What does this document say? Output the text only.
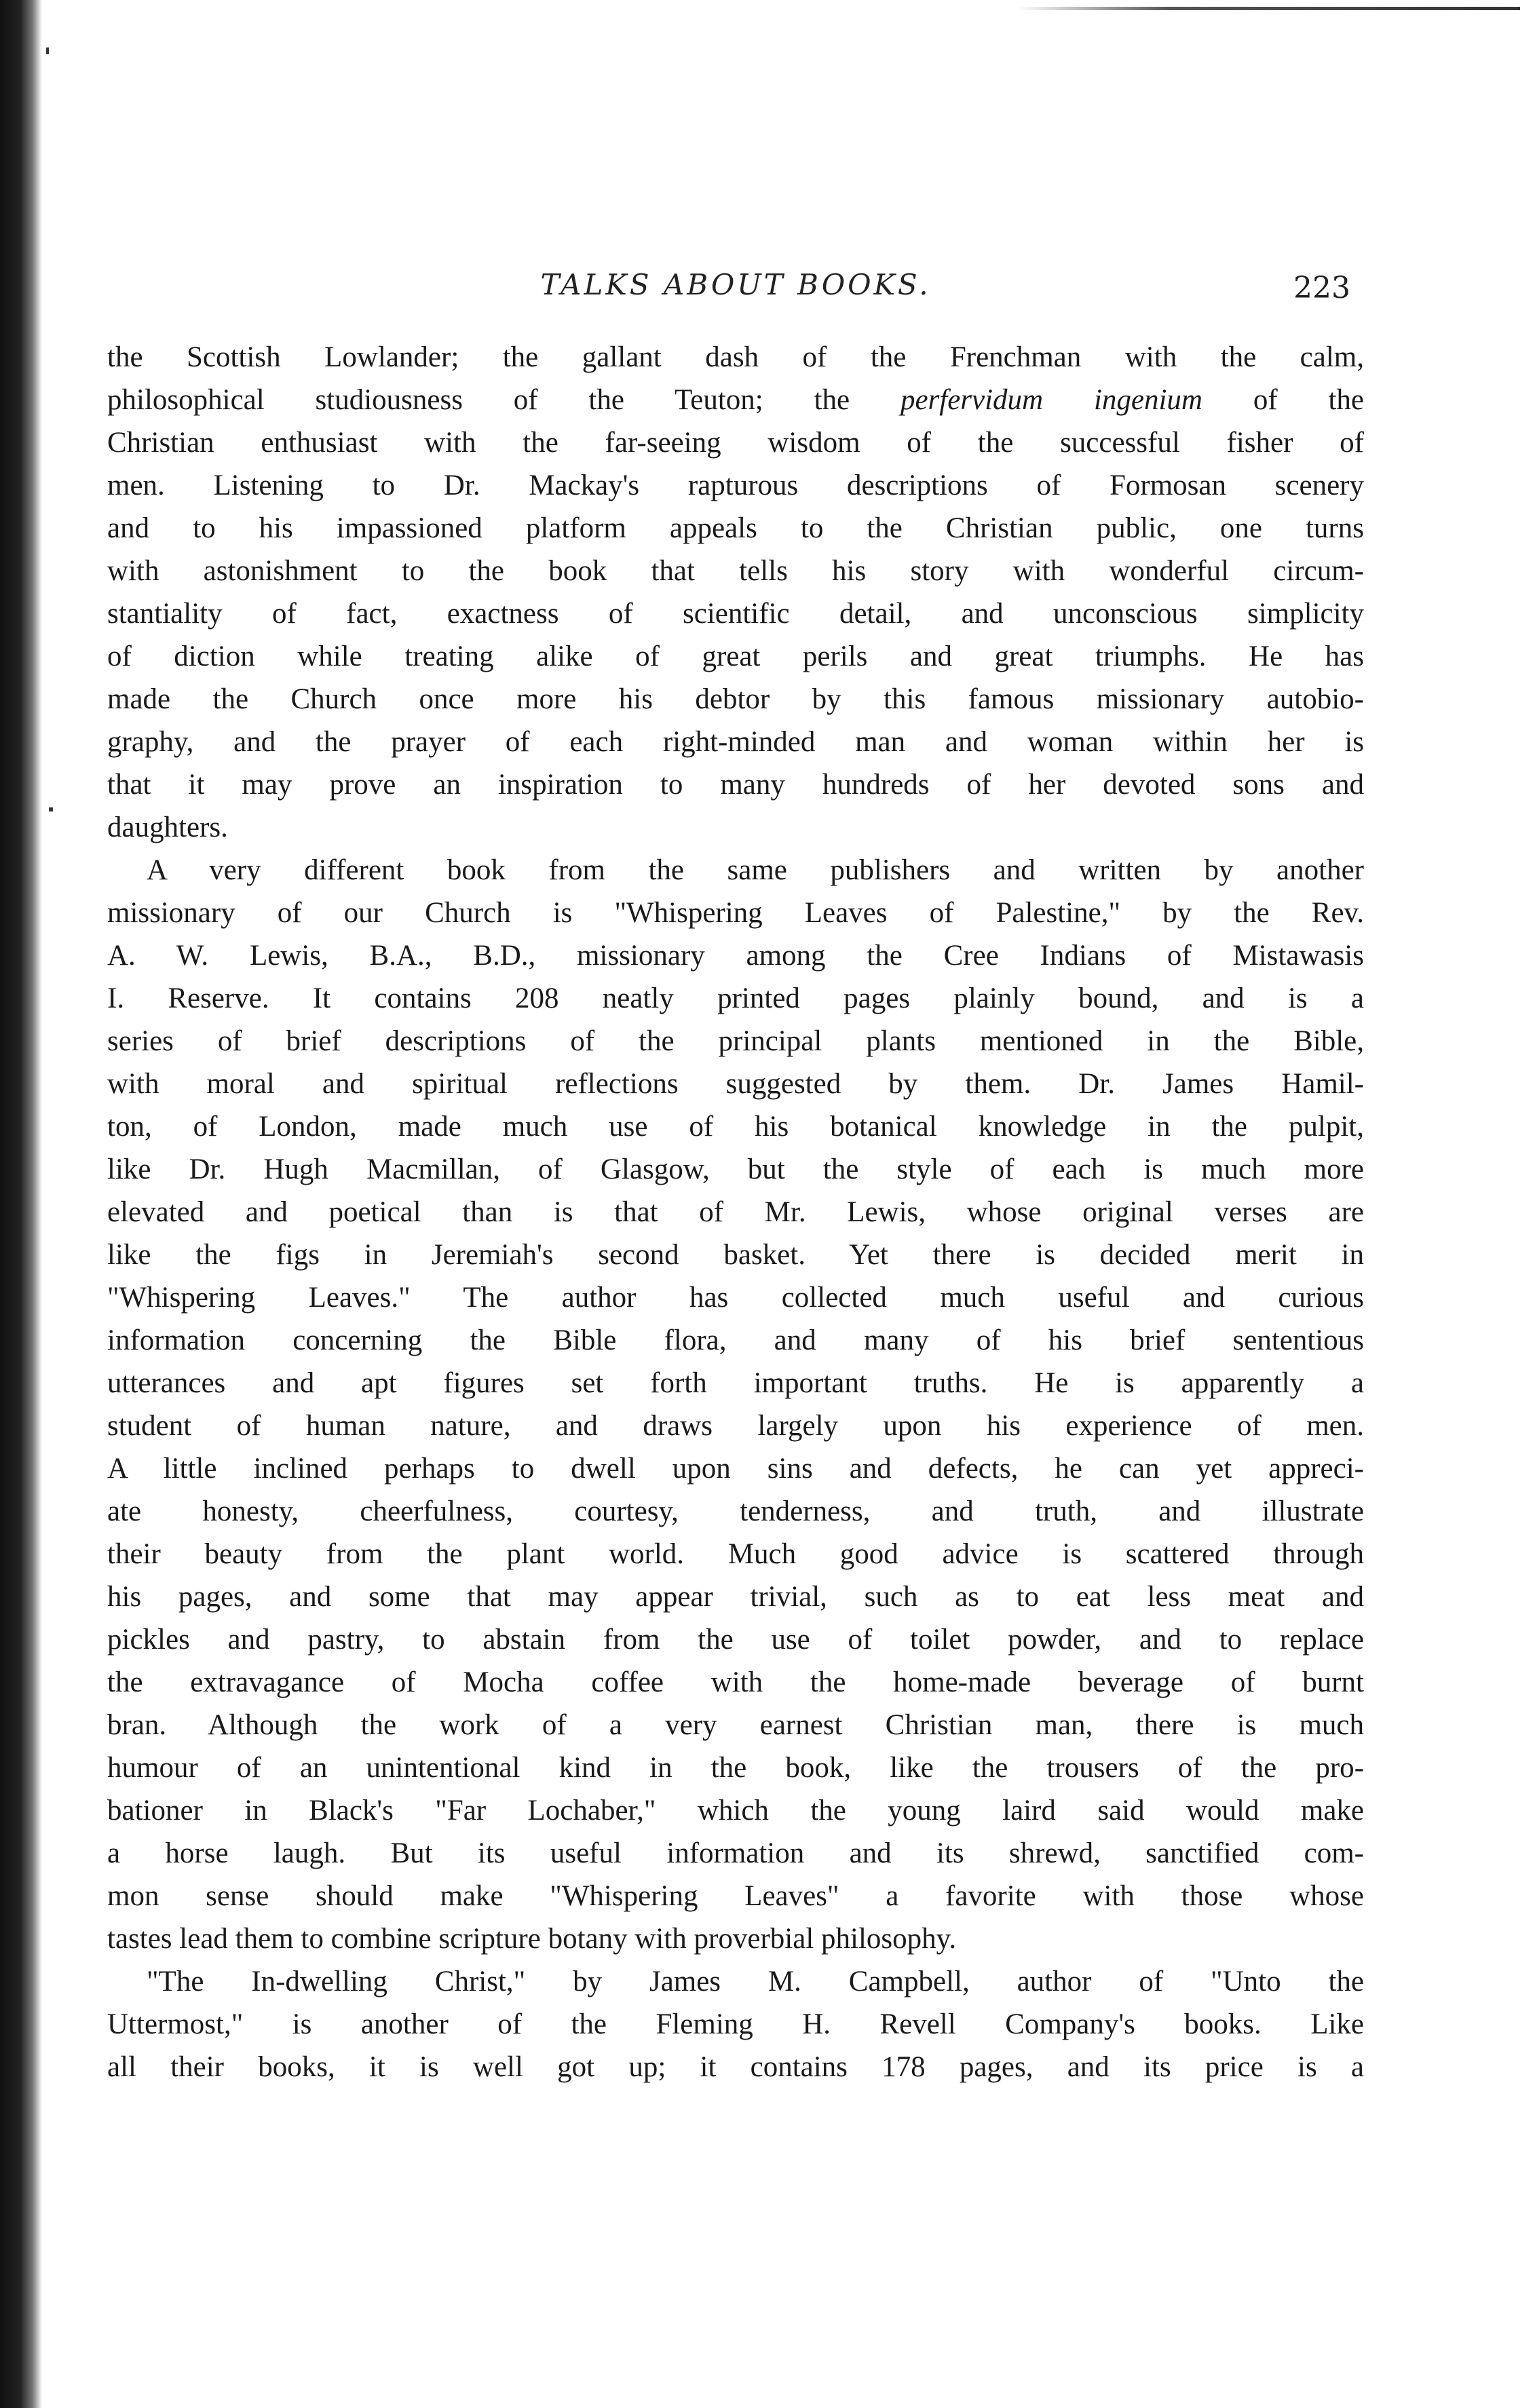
TALKS ABOUT BOOKS.	223
the Scottish Lowlander; the gallant dash of the Frenchman with the calm,
philosophical studiousness of the Teuton; the perfervidum ingenium of the
Christian enthusiast with the far-seeing wisdom of the successful fisher of
men. Listening to Dr. Mackay's rapturous descriptions of Formosan scenery
and to his impassioned platform appeals to the Christian public, one turns
with astonishment to the book that tells his story with wonderful circum-
stantiality of fact, exactness of scientific detail, and unconscious simplicity
of diction while treating alike of great perils and great triumphs. He has
made the Church once more his debtor by this famous missionary autobio-
graphy, and the prayer of each right-minded man and woman within her is
that it may prove an inspiration to many hundreds of her devoted sons and
daughters.
A very different book from the same publishers and written by another
missionary of our Church is "Whispering Leaves of Palestine," by the Rev.
A. W. Lewis, B.A., B.D., missionary among the Cree Indians of Mistawasis
I. Reserve. It contains 208 neatly printed pages plainly bound, and is a
series of brief descriptions of the principal plants mentioned in the Bible,
with moral and spiritual reflections suggested by them. Dr. James Hamil-
ton, of London, made much use of his botanical knowledge in the pulpit,
like Dr. Hugh Macmillan, of Glasgow, but the style of each is much more
elevated and poetical than is that of Mr. Lewis, whose original verses are
like the figs in Jeremiah's second basket. Yet there is decided merit in
"Whispering Leaves." The author has collected much useful and curious
information concerning the Bible flora, and many of his brief sententious
utterances and apt figures set forth important truths. He is apparently a
student of human nature, and draws largely upon his experience of men.
A little inclined perhaps to dwell upon sins and defects, he can yet appreci-
ate honesty, cheerfulness, courtesy, tenderness, and truth, and illustrate
their beauty from the plant world. Much good advice is scattered through
his pages, and some that may appear trivial, such as to eat less meat and
pickles and pastry, to abstain from the use of toilet powder, and to replace
the extravagance of Mocha coffee with the home-made beverage of burnt
bran. Although the work of a very earnest Christian man, there is much
humour of an unintentional kind in the book, like the trousers of the pro-
bationer in Black's "Far Lochaber," which the young laird said would make
a horse laugh. But its useful information and its shrewd, sanctified com-
mon sense should make "Whispering Leaves" a favorite with those whose
tastes lead them to combine scripture botany with proverbial philosophy.
"The In-dwelling Christ," by James M. Campbell, author of "Unto the
Uttermost," is another of the Fleming H. Revell Company's books. Like
all their books, it is well got up; it contains 178 pages, and its price is a
